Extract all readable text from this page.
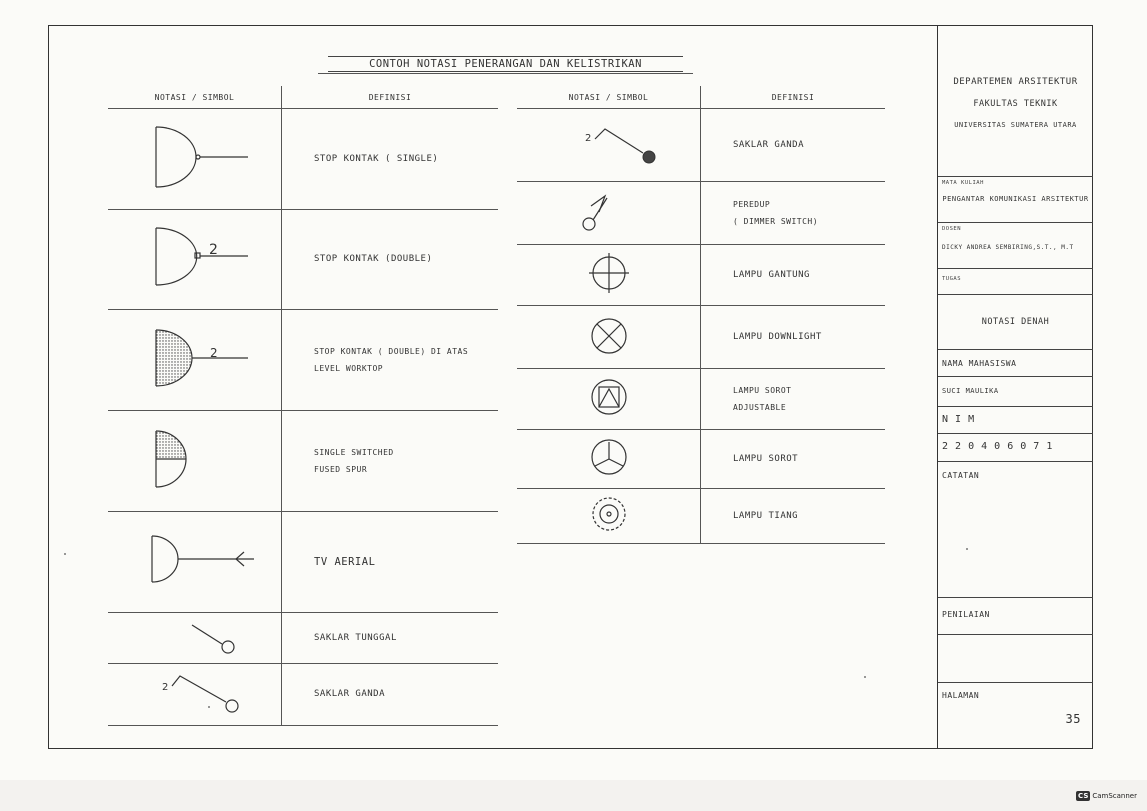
CONTOH NOTASI PENERANGAN DAN KELISTRIKAN
NOTASI / SIMBOL	DEFINISI
	STOP KONTAK ( SINGLE)

2	STOP KONTAK (DOUBLE)

2	STOP KONTAK ( DOUBLE) DI ATAS
LEVEL WORKTOP
	SINGLE SWITCHED
FUSED SPUR
	TV AERIAL
	SAKLAR TUNGGAL

2	SAKLAR GANDA
NOTASI / SIMBOL	DEFINISI

2	SAKLAR GANDA
	PEREDUP
( DIMMER SWITCH)
	LAMPU GANTUNG
	LAMPU DOWNLIGHT
	LAMPU SOROT
ADJUSTABLE
	LAMPU SOROT
	LAMPU TIANG
DEPARTEMEN ARSITEKTUR
FAKULTAS TEKNIK
UNIVERSITAS SUMATERA UTARA
MATA KULIAH
PENGANTAR KOMUNIKASI ARSITEKTUR
DOSEN
DICKY ANDREA SEMBIRING,S.T., M.T
TUGAS
NOTASI DENAH
NAMA MAHASISWA
SUCI MAULIKA
N I M
2 2 0 4 0 6 0 7 1
CATATAN
PENILAIAN
HALAMAN
35
CS CamScanner
